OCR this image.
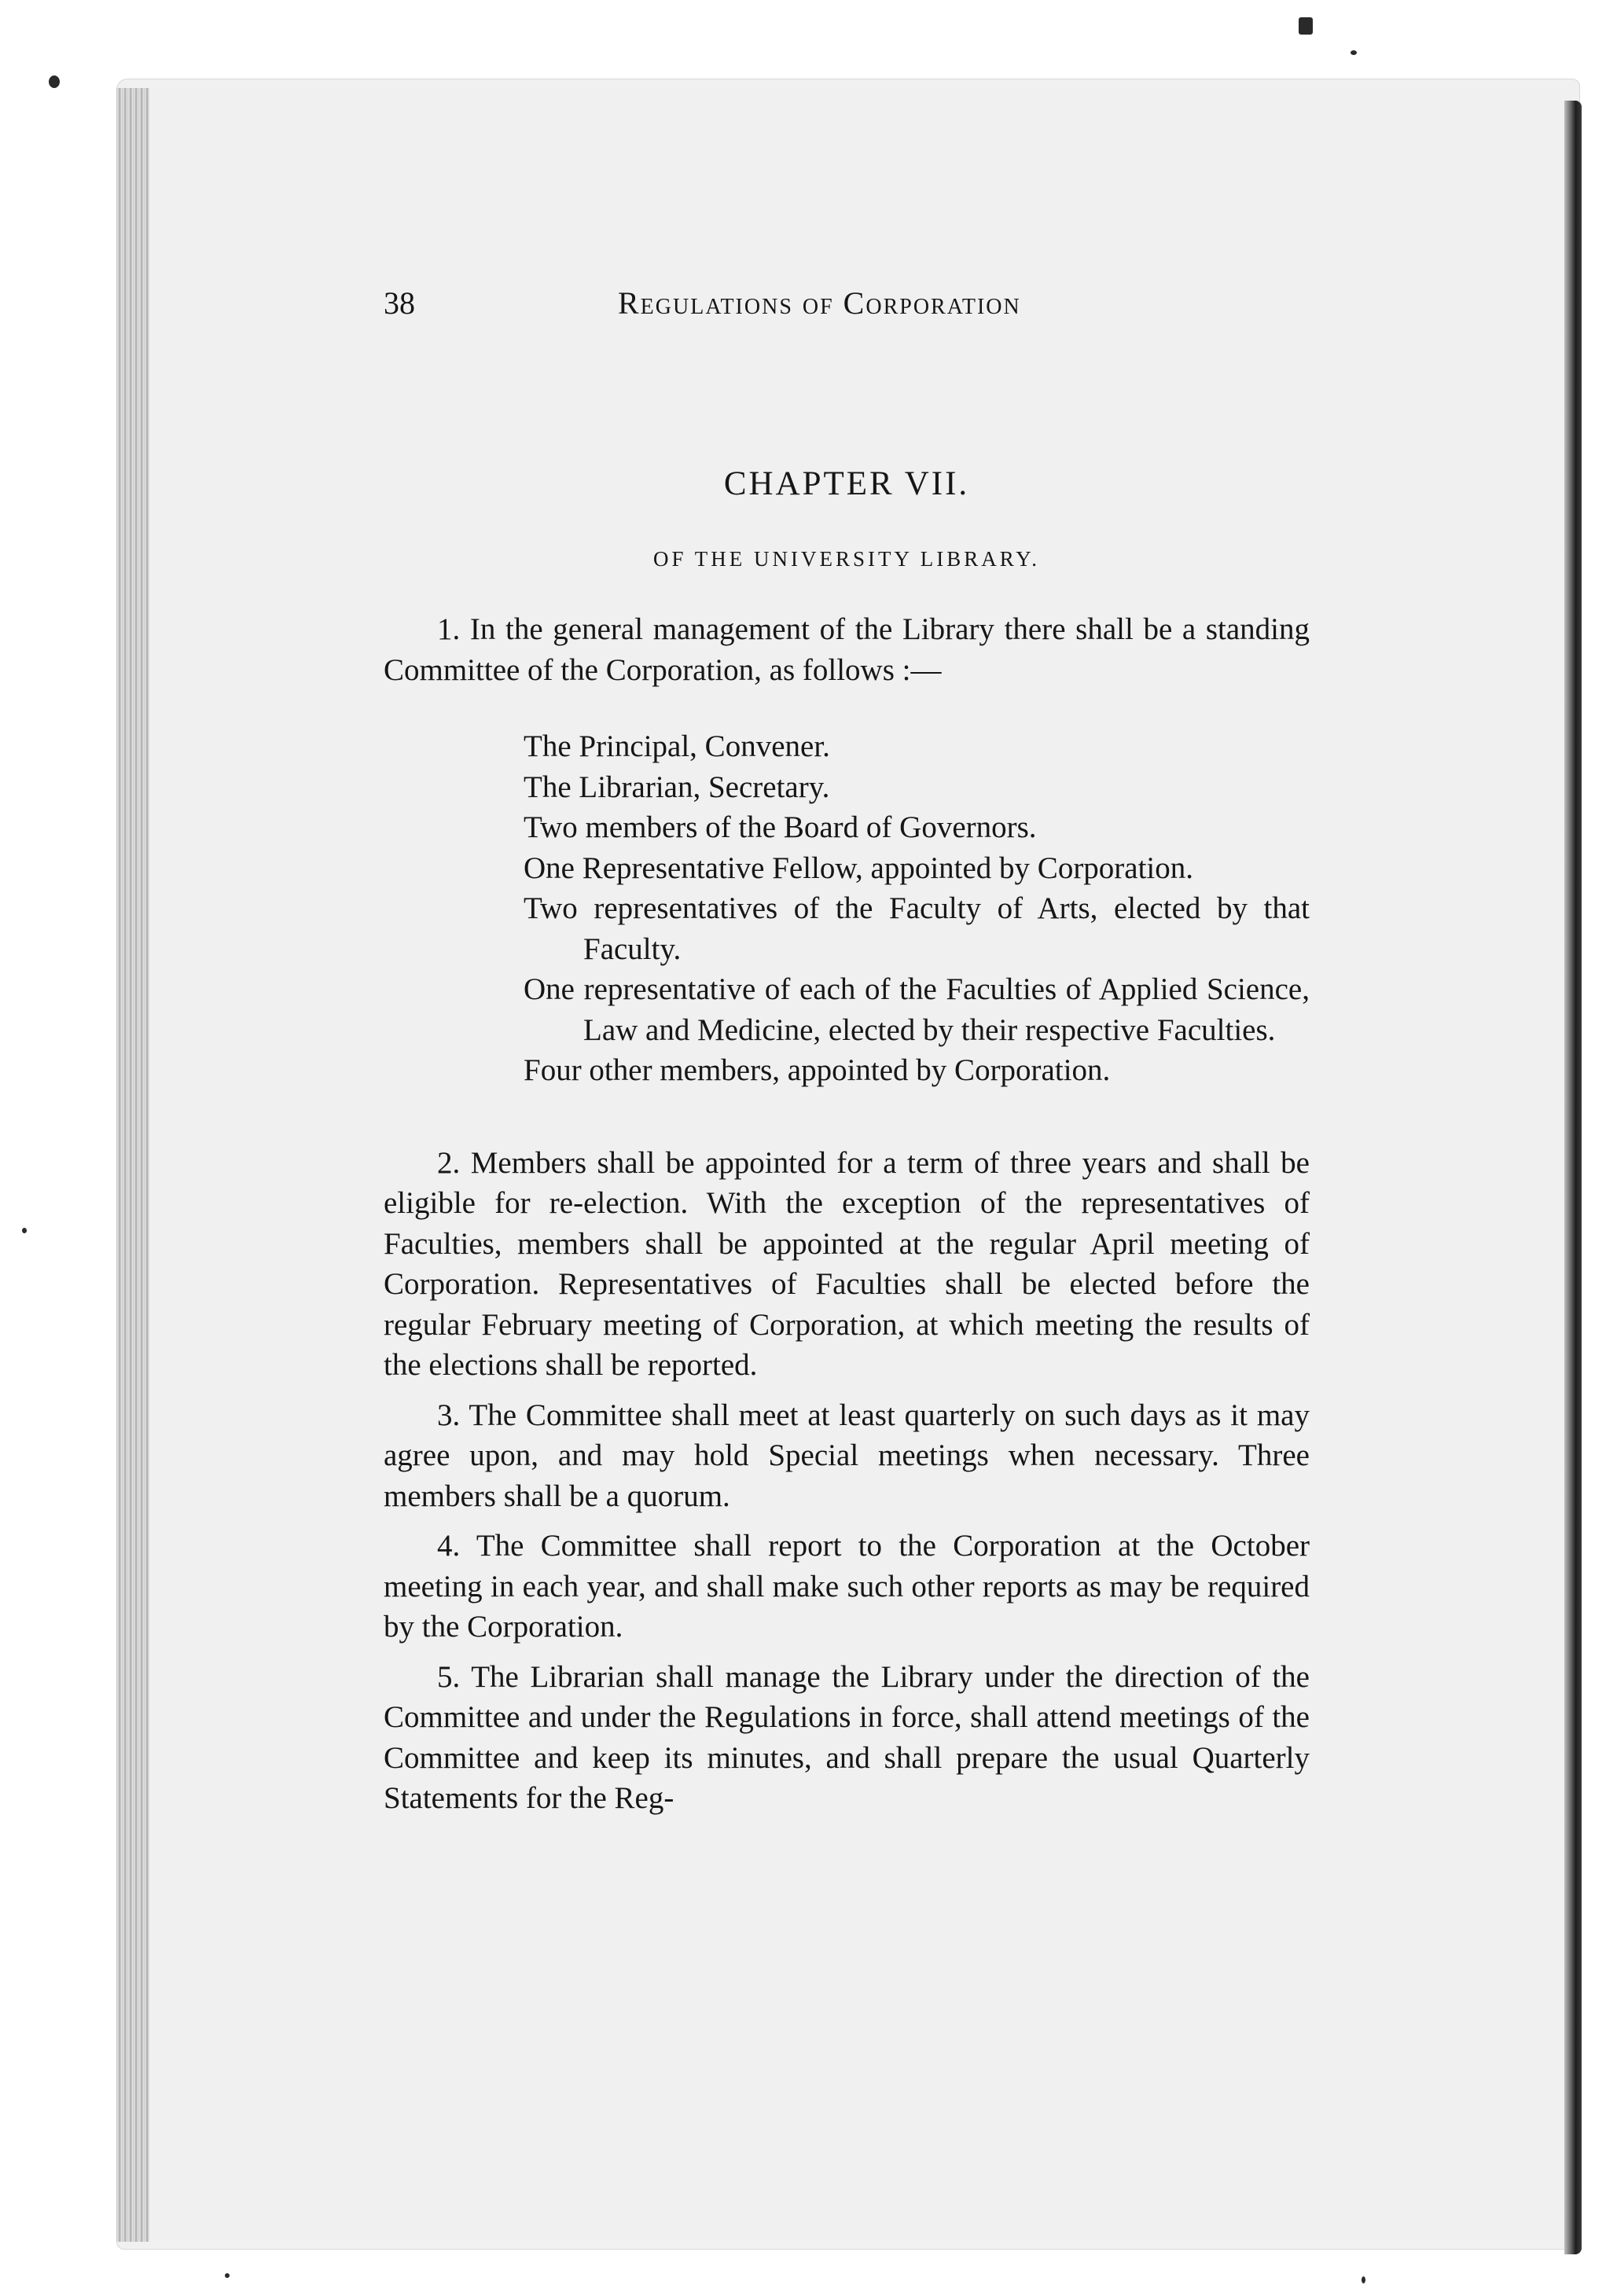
38	Regulations of Corporation
CHAPTER VII.
OF THE UNIVERSITY LIBRARY.

1. In the general management of the Library there shall be a standing Committee of the Corporation, as follows :—

The Principal, Convener.
The Librarian, Secretary.
Two members of the Board of Governors.
One Representative Fellow, appointed by Corporation.
Two representatives of the Faculty of Arts, elected by that Faculty.
One representative of each of the Faculties of Applied Science, Law and Medicine, elected by their respective Faculties.
Four other members, appointed by Corporation.

2. Members shall be appointed for a term of three years and shall be eligible for re-election. With the exception of the representatives of Faculties, members shall be appointed at the regular April meeting of Corporation. Representatives of Faculties shall be elected before the regular February meeting of Corporation, at which meeting the results of the elections shall be reported.

3. The Committee shall meet at least quarterly on such days as it may agree upon, and may hold Special meetings when necessary. Three members shall be a quorum.

4. The Committee shall report to the Corporation at the October meeting in each year, and shall make such other reports as may be required by the Corporation.

5. The Librarian shall manage the Library under the direction of the Committee and under the Regulations in force, shall attend meetings of the Committee and keep its minutes, and shall prepare the usual Quarterly Statements for the Reg-
